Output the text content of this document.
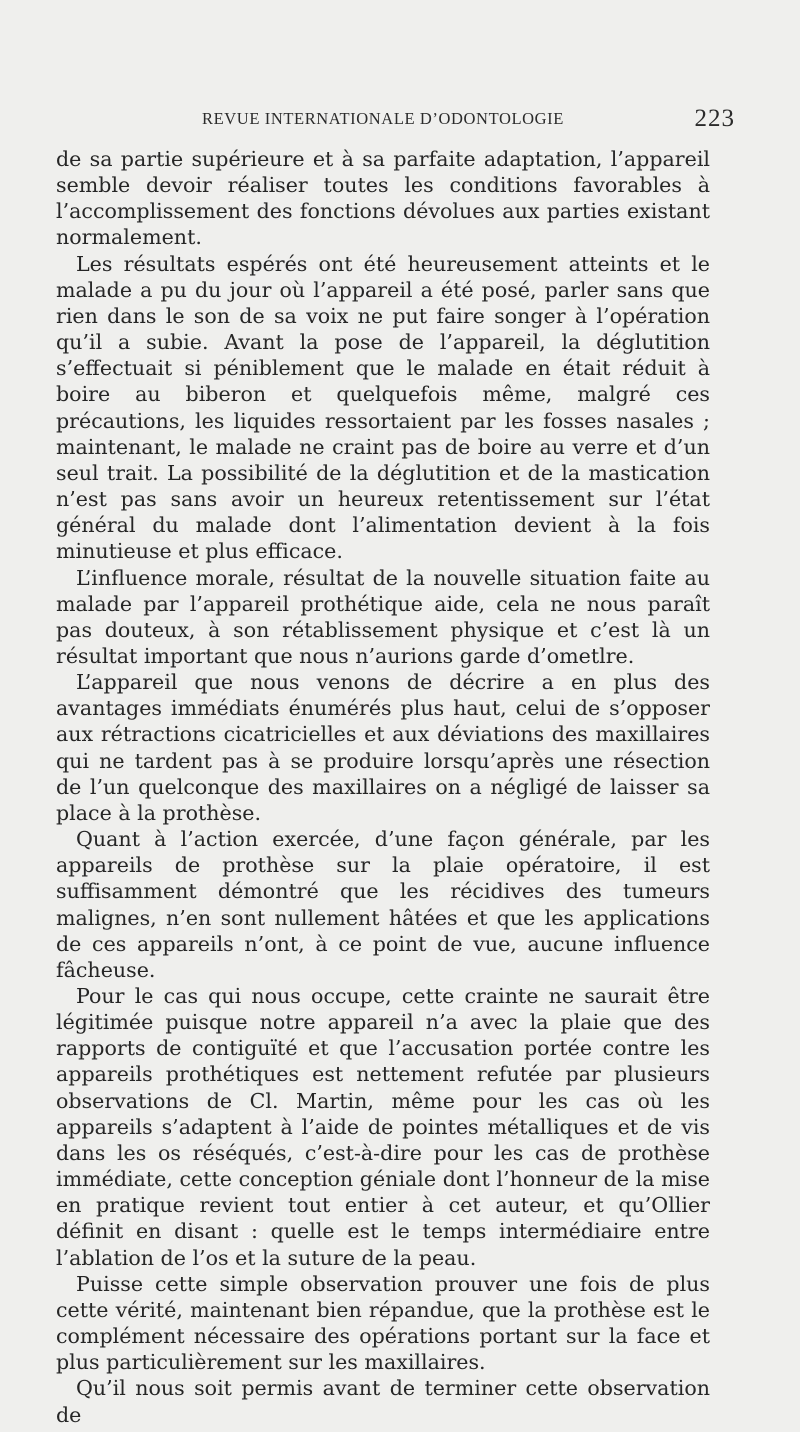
REVUE INTERNATIONALE D’ODONTOLOGIE	223

de sa partie supérieure et à sa parfaite adaptation, l’appareil semble devoir réaliser toutes les conditions favorables à l’accomplissement des fonctions dévolues aux parties existant normalement.

Les résultats espérés ont été heureusement atteints et le malade a pu du jour où l’appareil a été posé, parler sans que rien dans le son de sa voix ne put faire songer à l’opération qu’il a subie. Avant la pose de l’appareil, la déglutition s’effectuait si péniblement que le malade en était réduit à boire au biberon et quelquefois même, malgré ces précautions, les liquides ressortaient par les fosses nasales ; maintenant, le malade ne craint pas de boire au verre et d’un seul trait. La possibilité de la déglutition et de la mastication n’est pas sans avoir un heureux retentissement sur l’état général du malade dont l’alimentation devient à la fois minutieuse et plus efficace.

L’influence morale, résultat de la nouvelle situation faite au malade par l’appareil prothétique aide, cela ne nous paraît pas douteux, à son rétablissement physique et c’est là un résultat important que nous n’aurions garde d’ometlre.

L’appareil que nous venons de décrire a en plus des avantages immédiats énumérés plus haut, celui de s’opposer aux rétractions cicatricielles et aux déviations des maxillaires qui ne tardent pas à se produire lorsqu’après une résection de l’un quelconque des maxillaires on a négligé de laisser sa place à la prothèse.

Quant à l’action exercée, d’une façon générale, par les appareils de prothèse sur la plaie opératoire, il est suffisamment démontré que les récidives des tumeurs malignes, n’en sont nullement hâtées et que les applications de ces appareils n’ont, à ce point de vue, aucune influence fâcheuse.

Pour le cas qui nous occupe, cette crainte ne saurait être légitimée puisque notre appareil n’a avec la plaie que des rapports de contiguïté et que l’accusation portée contre les appareils prothétiques est nettement refutée par plusieurs observations de Cl. Martin, même pour les cas où les appareils s’adaptent à l’aide de pointes métalliques et de vis dans les os réséqués, c’est-à-dire pour les cas de prothèse immédiate, cette conception géniale dont l’honneur de la mise en pratique revient tout entier à cet auteur, et qu’Ollier définit en disant : quelle est le temps intermédiaire entre l’ablation de l’os et la suture de la peau.

Puisse cette simple observation prouver une fois de plus cette vérité, maintenant bien répandue, que la prothèse est le complément nécessaire des opérations portant sur la face et plus particulièrement sur les maxillaires.

Qu’il nous soit permis avant de terminer cette observation de
